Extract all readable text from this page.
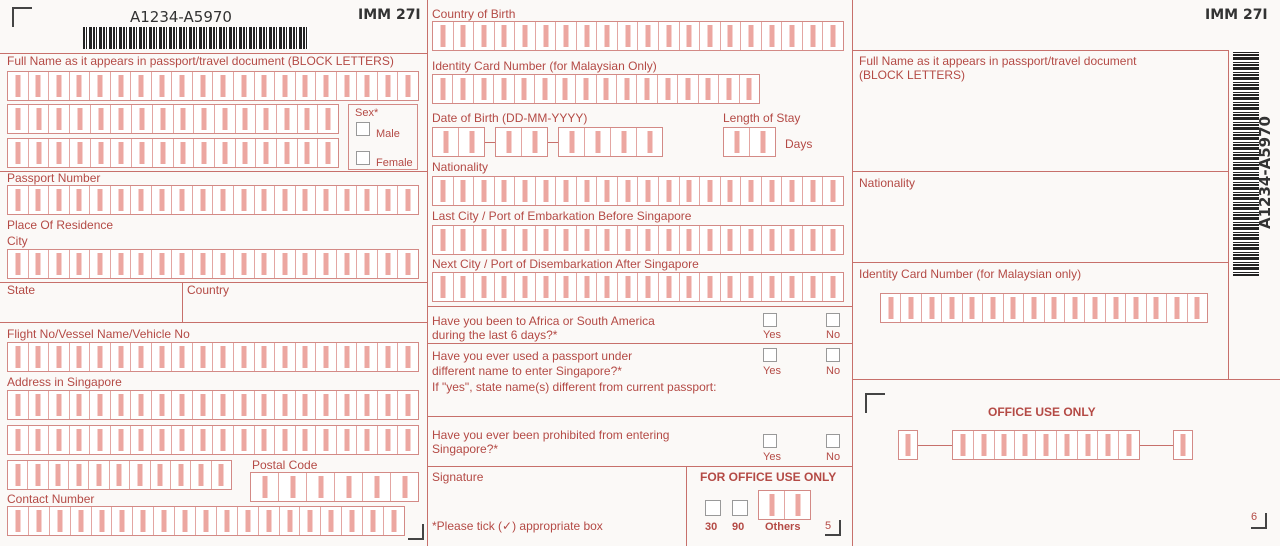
A1234-A5970	IMM 27I
Full Name as it appears in passport/travel document (BLOCK LETTERS)
Sex*
Male
Female
Passport Number
Place Of Residence
City
State	Country
Flight No/Vessel Name/Vehicle No
Address in Singapore
Postal Code
Contact Number
Country of Birth
Identity Card Number (for Malaysian Only)
Date of Birth (DD-MM-YYYY)	Length of Stay
Days
Nationality
Last City / Port of Embarkation Before Singapore
Next City / Port of Disembarkation After Singapore
Have you been to Africa or South America
during the last 6 days?*	Yes	No
Have you ever used a passport under
different name to enter Singapore?*
If "yes", state name(s) different from current passport:
Yes	No
Have you ever been prohibited from entering
Singapore?*
Yes	No
Signature
*Please tick (✓) appropriate box
FOR OFFICE USE ONLY
30 90 Others 5
IMM 27I
Full Name as it appears in passport/travel document
(BLOCK LETTERS)
Nationality
Identity Card Number (for Malaysian only)
OFFICE USE ONLY
A1234-A5970
6
